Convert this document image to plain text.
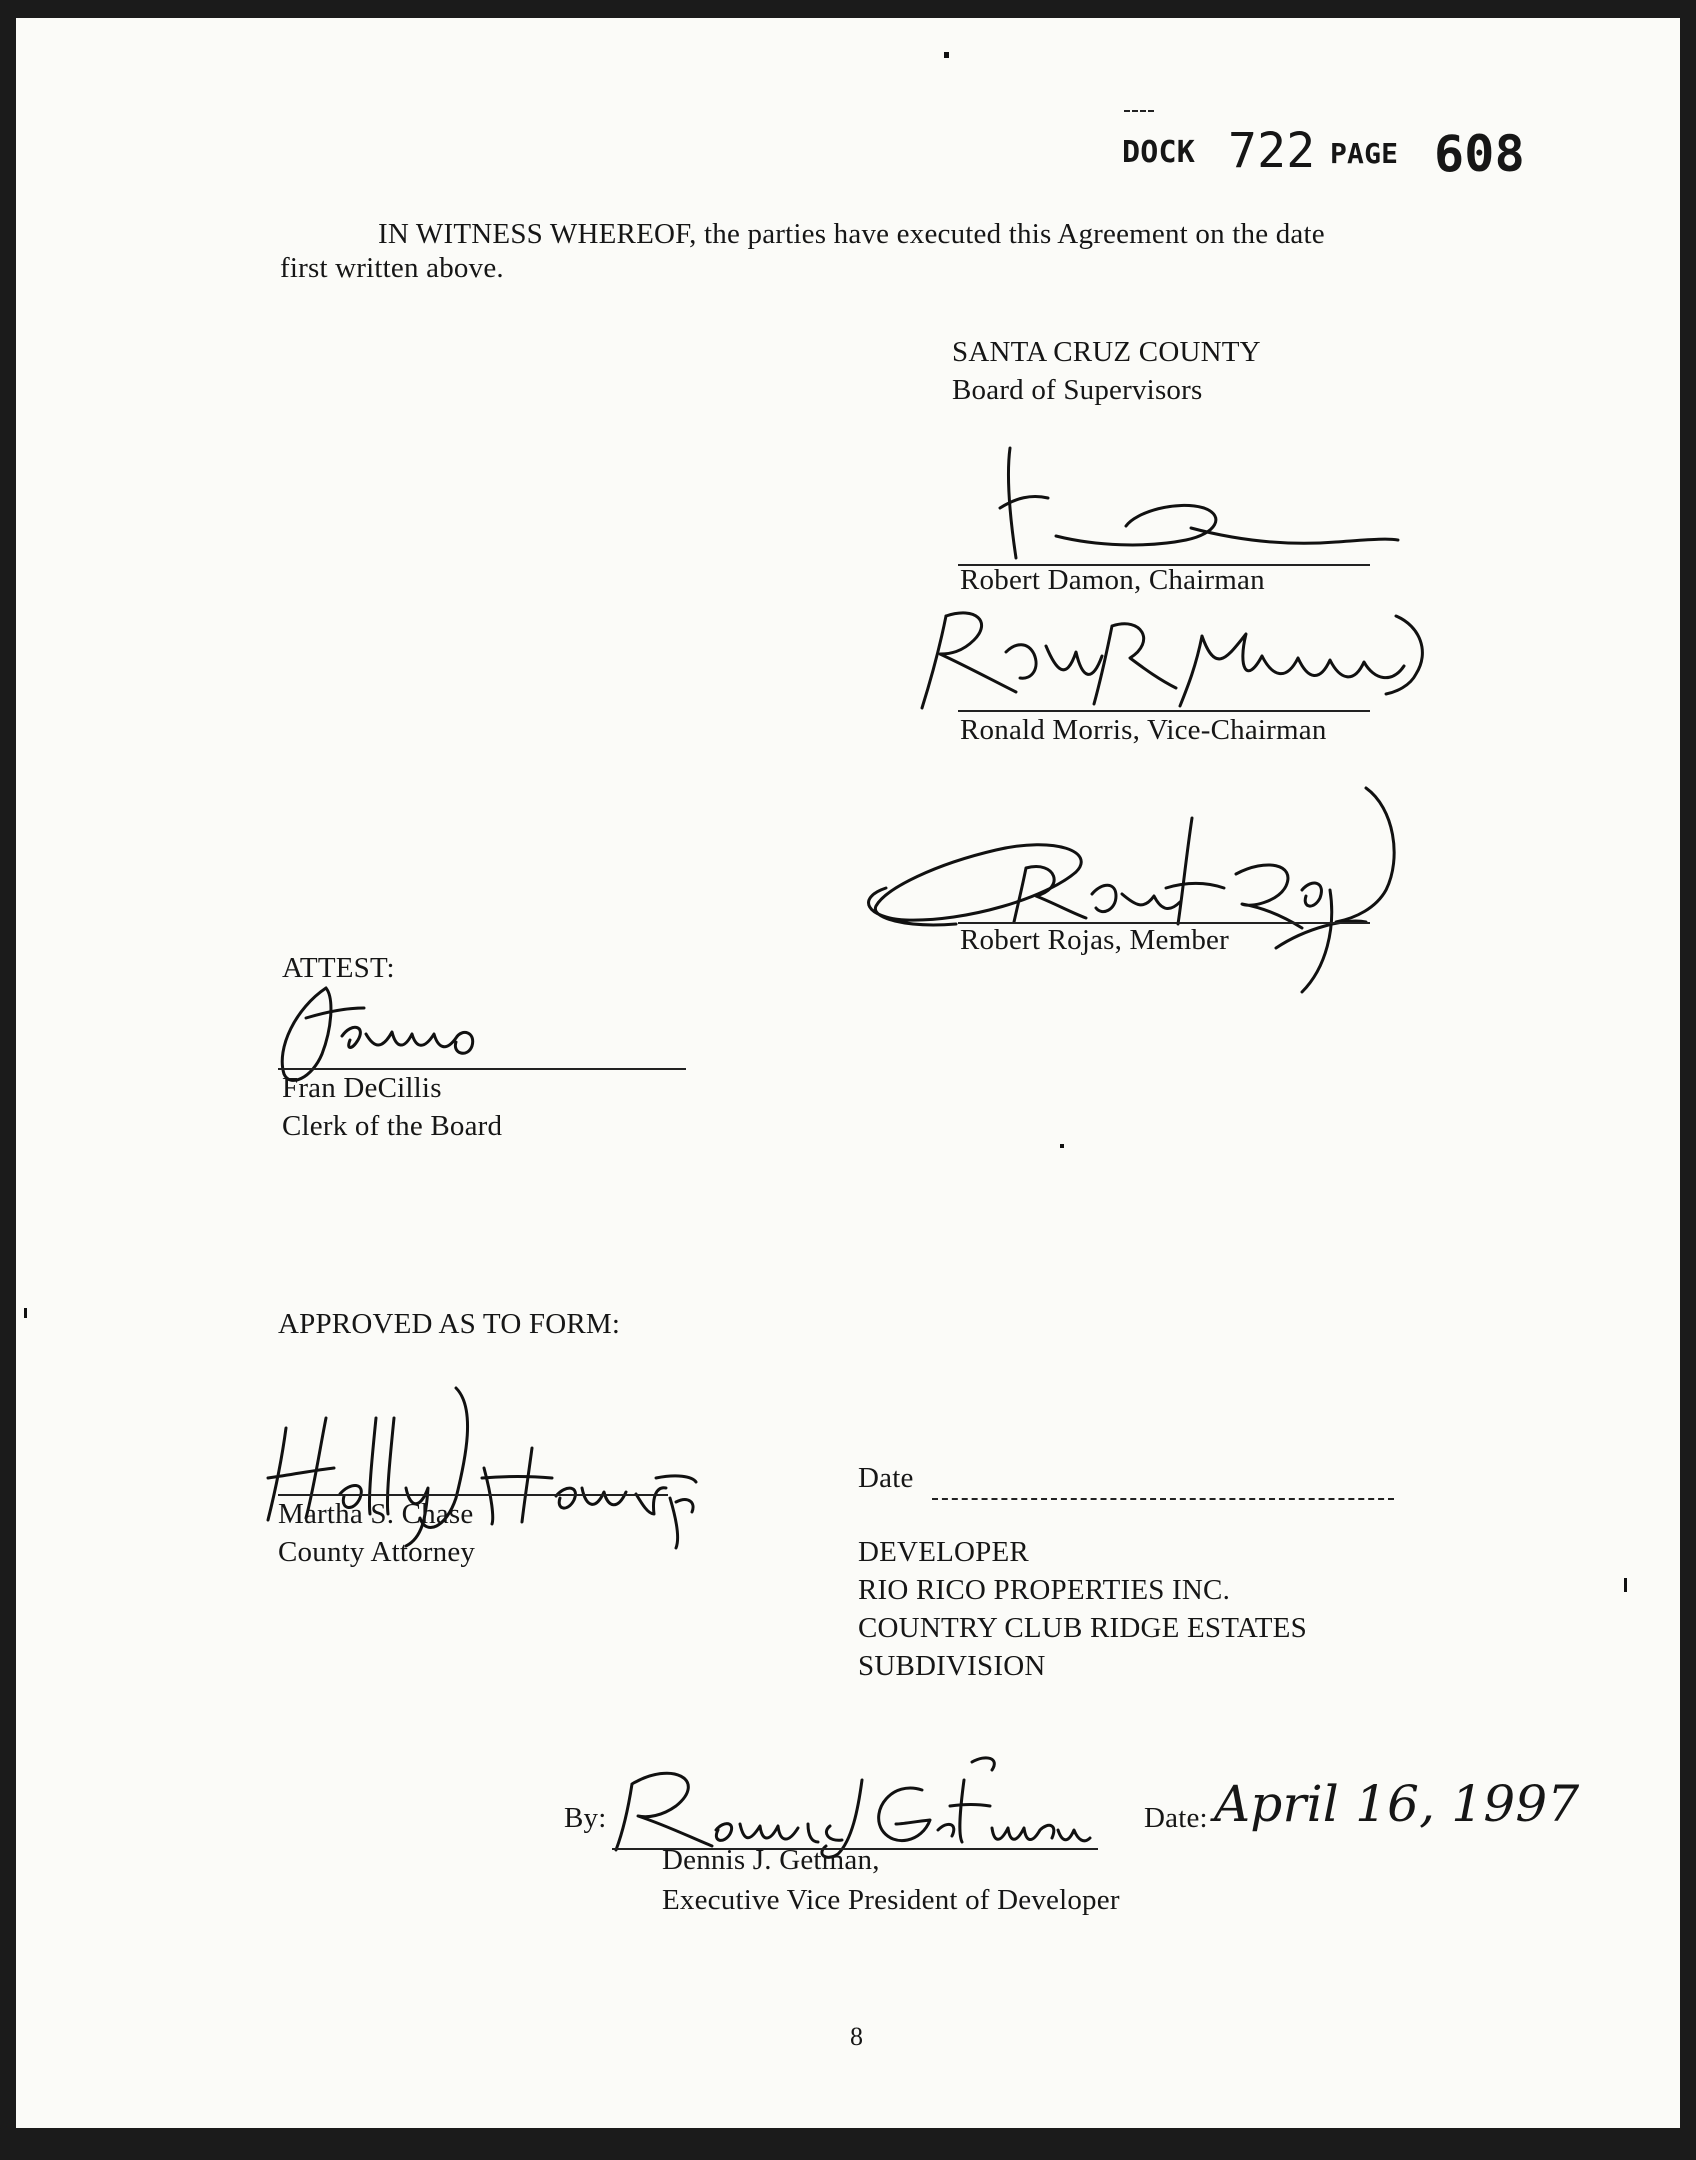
DOCK 722 PAGE 608
IN WITNESS WHEREOF, the parties have executed this Agreement on the date
first written above.
SANTA CRUZ COUNTY
Board of Supervisors
Robert Damon, Chairman
Ronald Morris, Vice-Chairman
Robert Rojas, Member
ATTEST:
Fran DeCillis
Clerk of the Board
APPROVED AS TO FORM:
Martha S. Chase
County Attorney
Date
DEVELOPER
RIO RICO PROPERTIES INC.
COUNTRY CLUB RIDGE ESTATES
SUBDIVISION
By:	Date: April 16, 1997
Dennis J. Getman,
Executive Vice President of Developer
8
